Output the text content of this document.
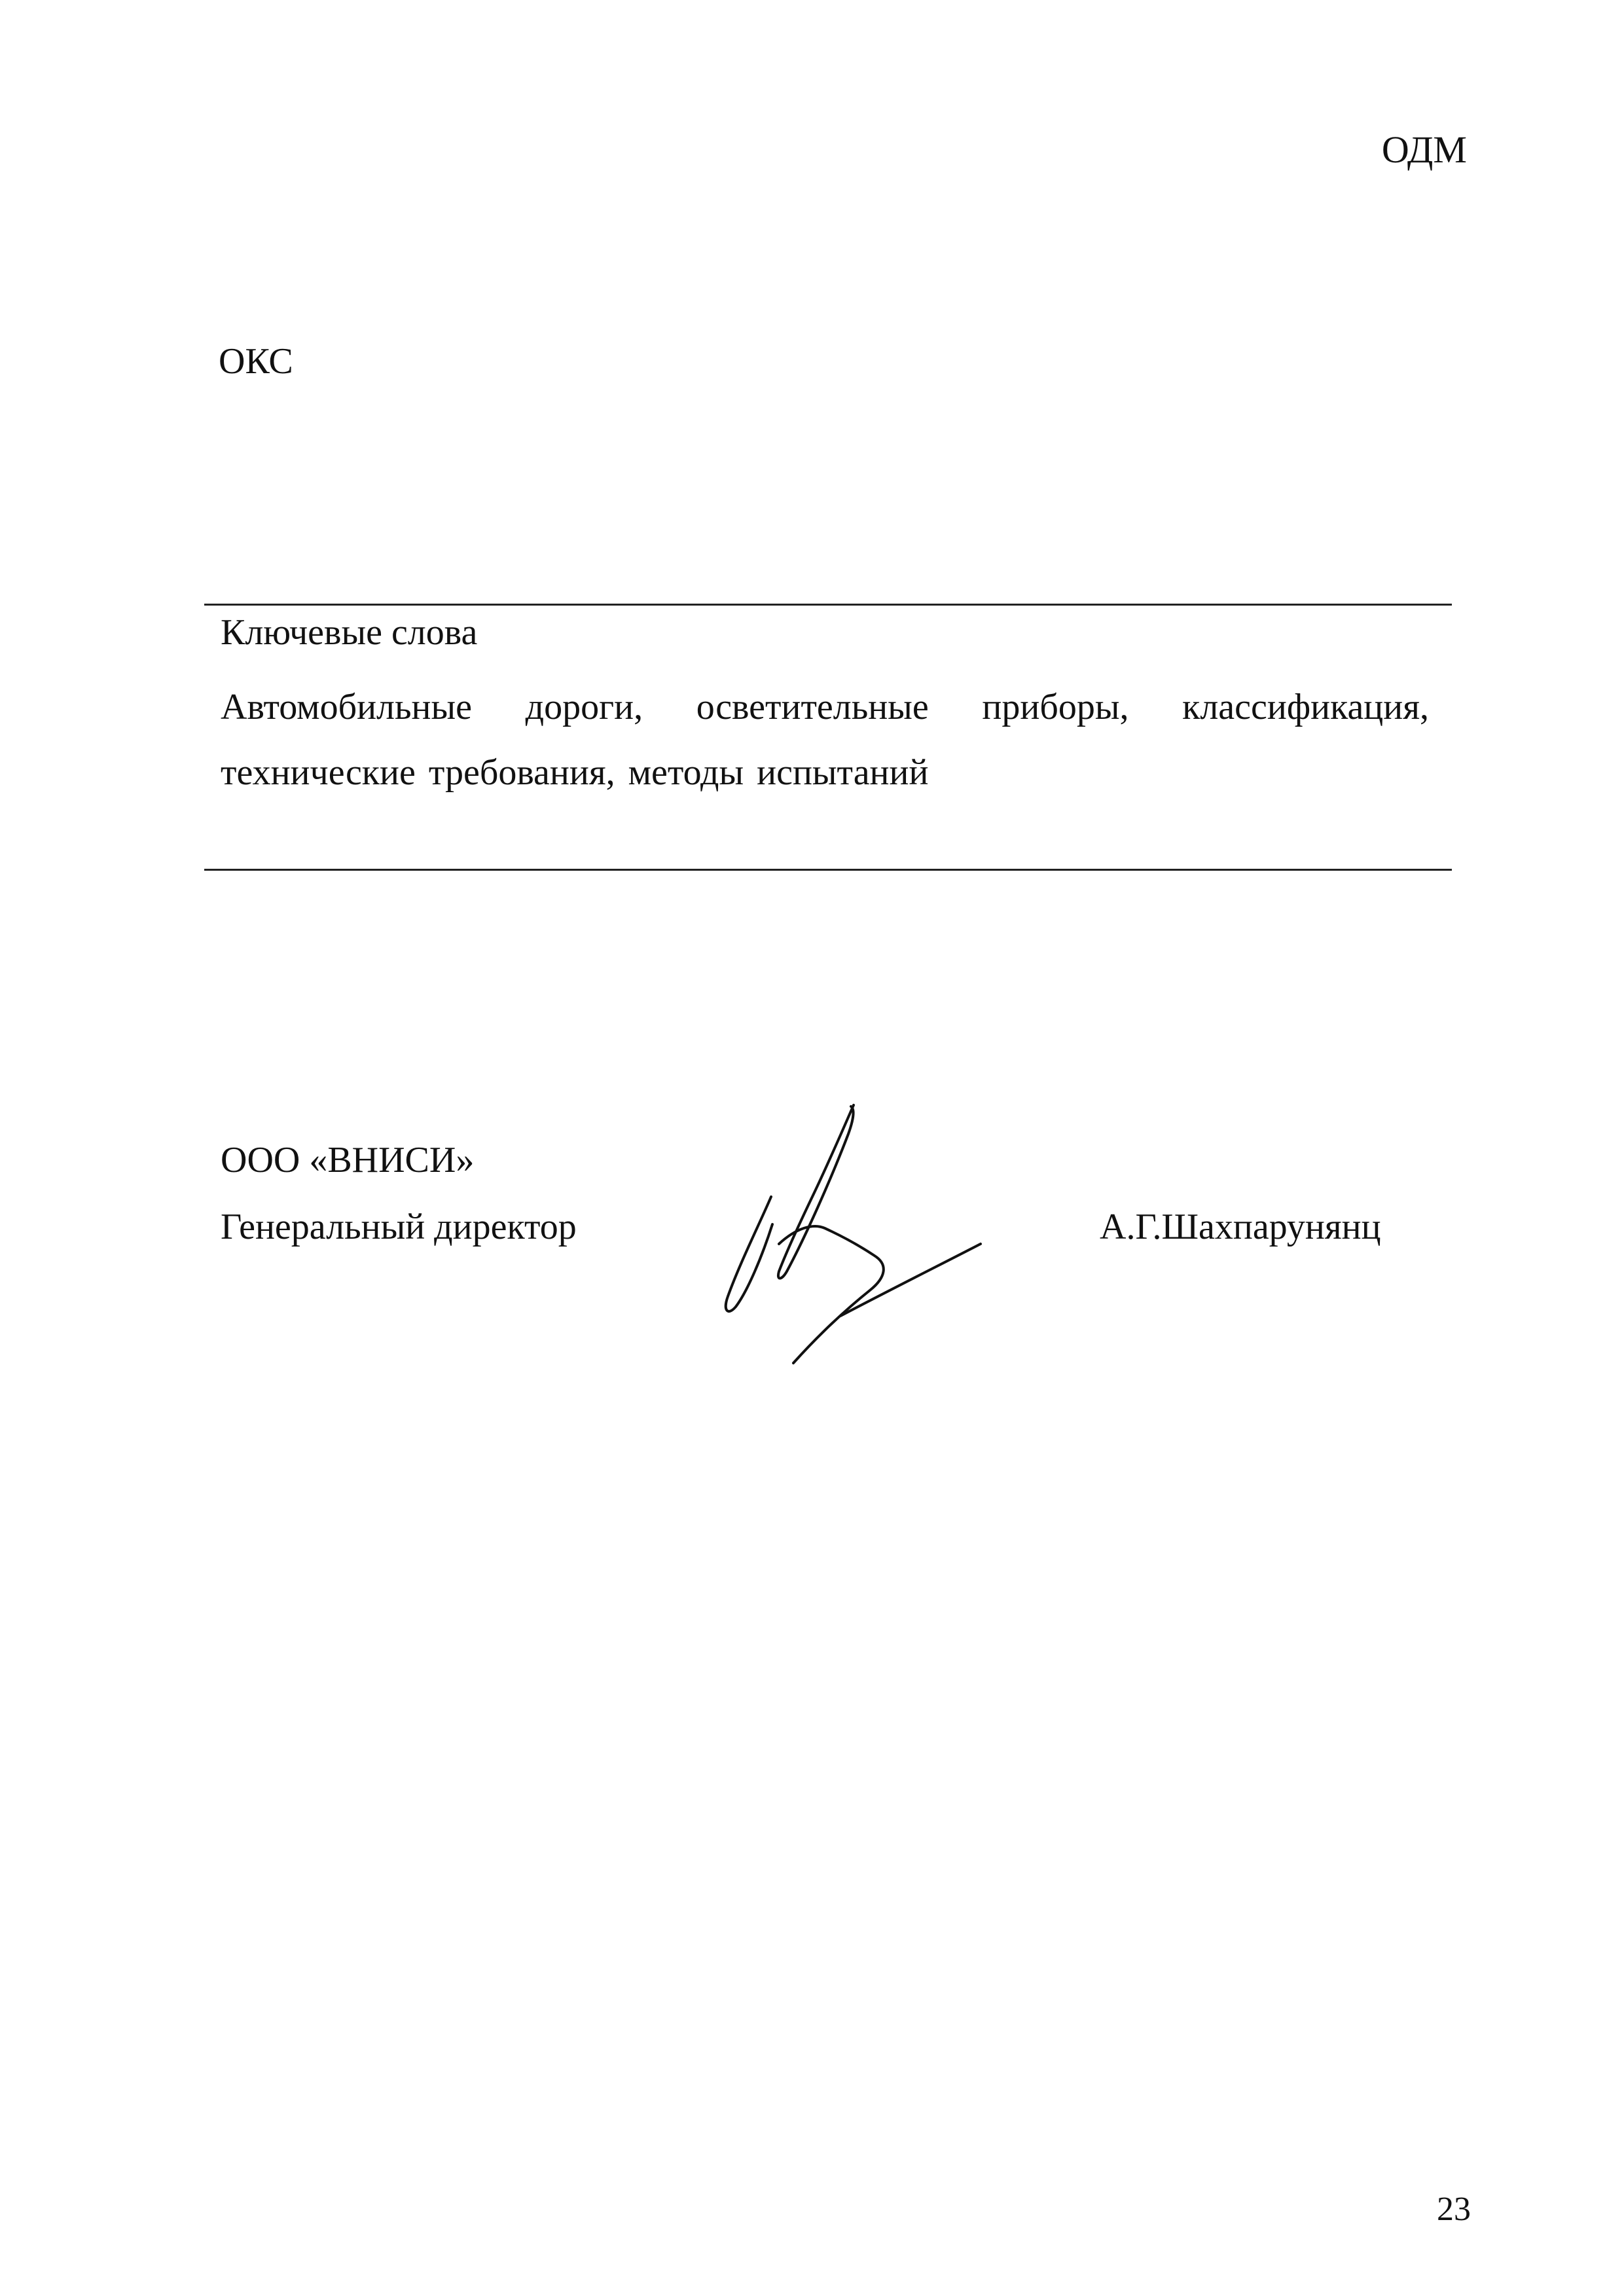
ОДМ
ОКС
Ключевые слова
Автомобильные дороги, осветительные приборы, классификация, технические требования, методы испытаний
ООО «ВНИСИ»
Генеральный директор	А.Г.Шахпарунянц
23
